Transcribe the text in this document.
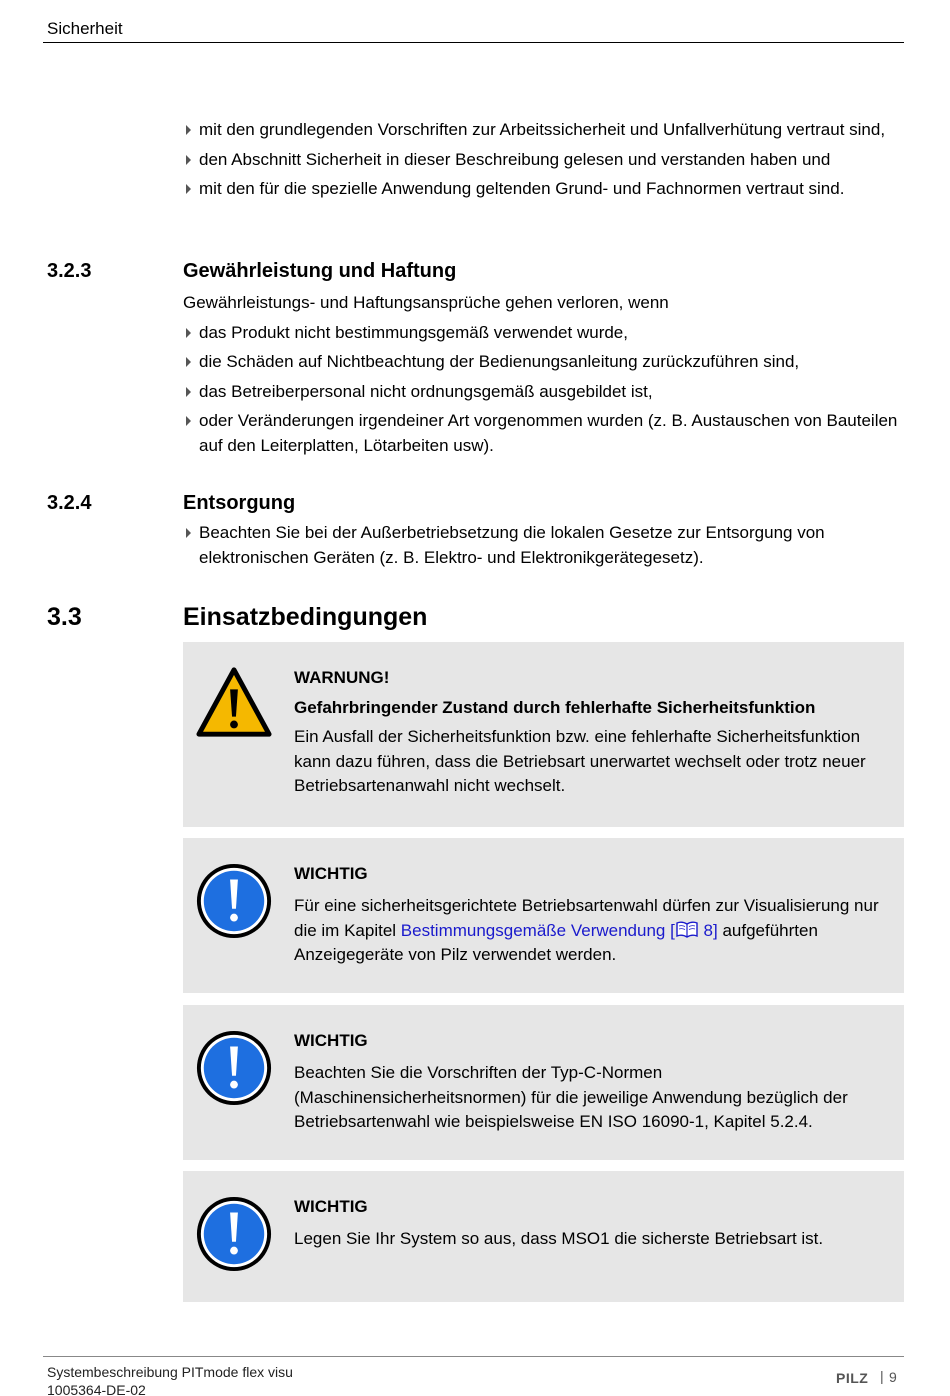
Sicherheit
mit den grundlegenden Vorschriften zur Arbeitssicherheit und Unfallverhütung vertraut sind,
den Abschnitt Sicherheit in dieser Beschreibung gelesen und verstanden haben und
mit den für die spezielle Anwendung geltenden Grund- und Fachnormen vertraut sind.
3.2.3	Gewährleistung und Haftung
Gewährleistungs- und Haftungsansprüche gehen verloren, wenn
das Produkt nicht bestimmungsgemäß verwendet wurde,
die Schäden auf Nichtbeachtung der Bedienungsanleitung zurückzuführen sind,
das Betreiberpersonal nicht ordnungsgemäß ausgebildet ist,
oder Veränderungen irgendeiner Art vorgenommen wurden (z. B. Austauschen von Bauteilen auf den Leiterplatten, Lötarbeiten usw).
3.2.4	Entsorgung
Beachten Sie bei der Außerbetriebsetzung die lokalen Gesetze zur Entsorgung von elektronischen Geräten (z. B. Elektro- und Elektronikgerätegesetz).
3.3	Einsatzbedingungen
WARNUNG!
Gefahrbringender Zustand durch fehlerhafte Sicherheitsfunktion
Ein Ausfall der Sicherheitsfunktion bzw. eine fehlerhafte Sicherheitsfunktion kann dazu führen, dass die Betriebsart unerwartet wechselt oder trotz neuer Betriebsartenanwahl nicht wechselt.
WICHTIG
Für eine sicherheitsgerichtete Betriebsartenwahl dürfen zur Visualisierung nur die im Kapitel Bestimmungsgemäße Verwendung [ 8] aufgeführten Anzeigegeräte von Pilz verwendet werden.
WICHTIG
Beachten Sie die Vorschriften der Typ-C-Normen (Maschinensicherheitsnormen) für die jeweilige Anwendung bezüglich der Betriebsartenwahl wie beispielsweise EN ISO 16090-1, Kapitel 5.2.4.
WICHTIG
Legen Sie Ihr System so aus, dass MSO1 die sicherste Betriebsart ist.
Systembeschreibung PITmode flex visu
1005364-DE-02
PILZ | 9
